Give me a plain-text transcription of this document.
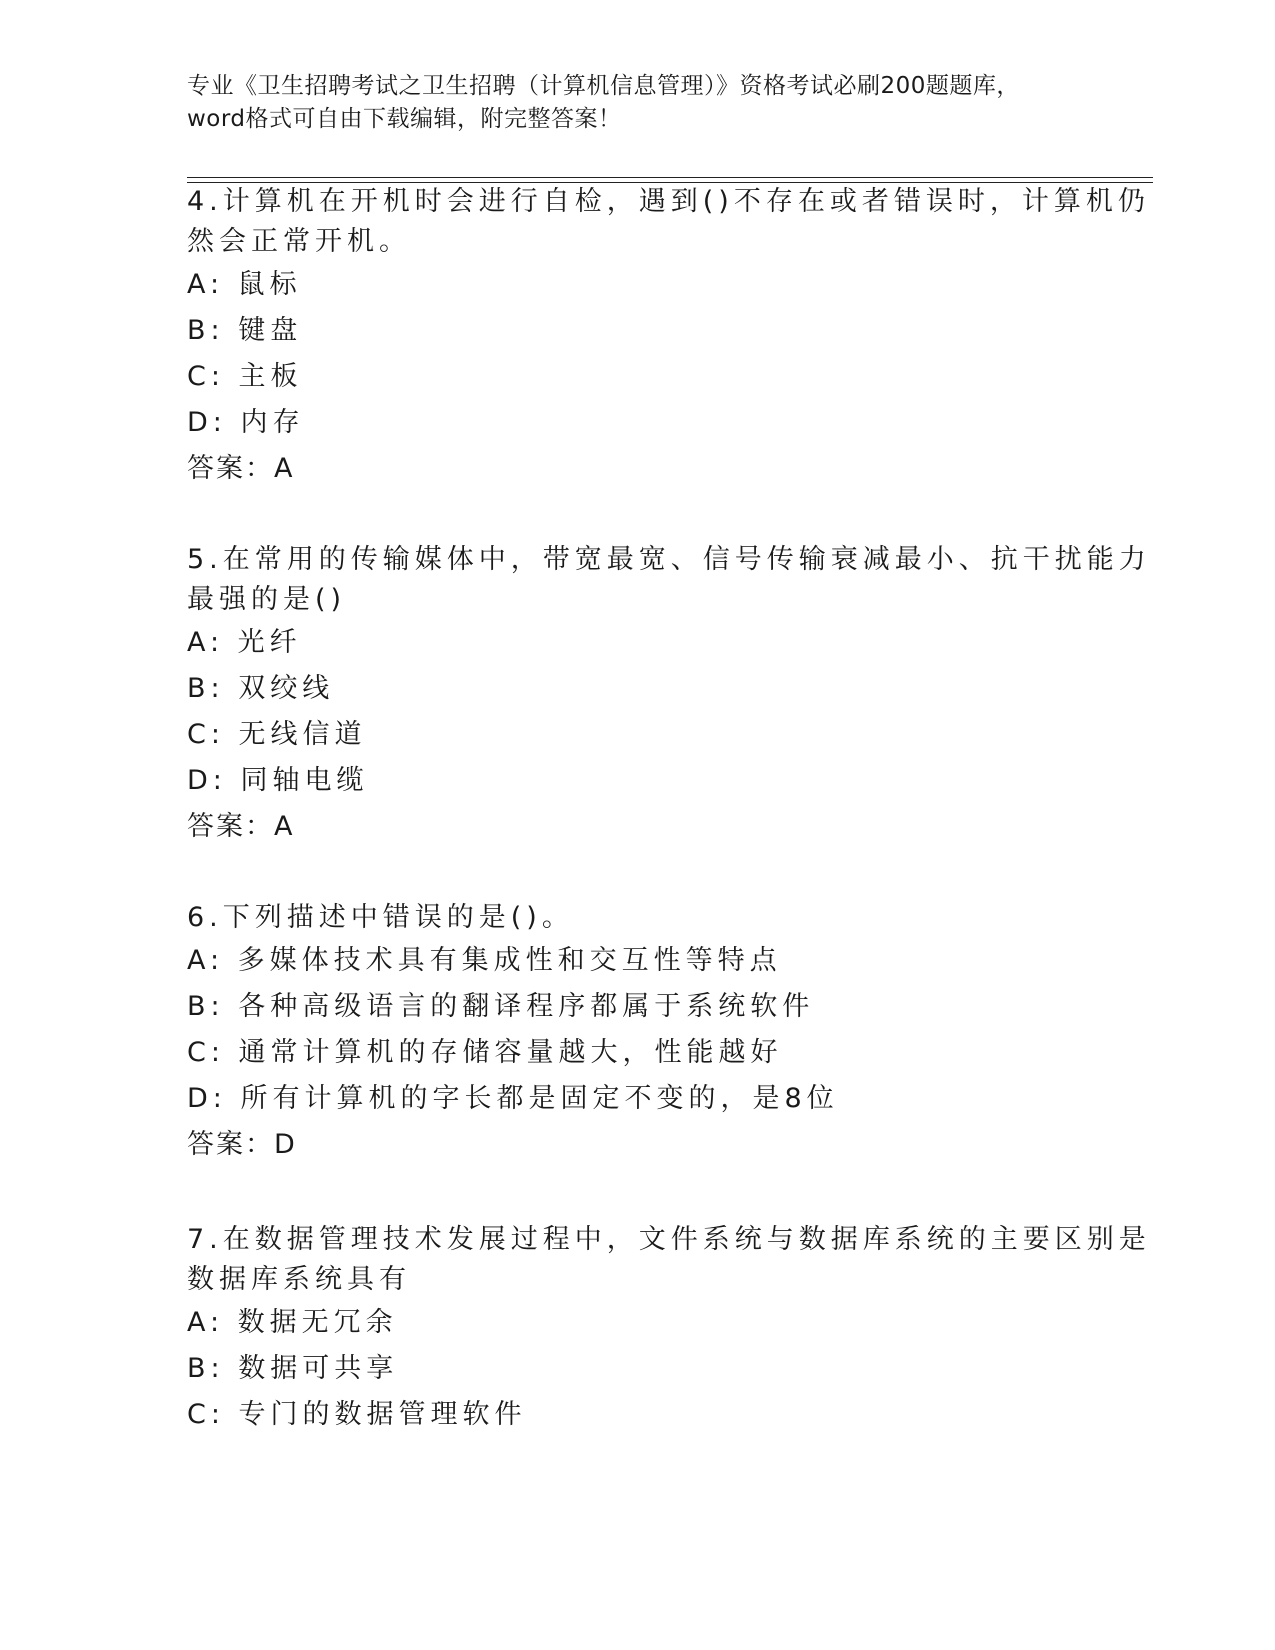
专业《卫生招聘考试之卫生招聘（计算机信息管理）》资格考试必刷200题题库，
word格式可自由下载编辑，附完整答案！
4.计算机在开机时会进行自检，遇到()不存在或者错误时，计算机仍
然会正常开机。
A: 鼠标
B: 键盘
C: 主板
D: 内存
答案：A
5.在常用的传输媒体中，带宽最宽、信号传输衰减最小、抗干扰能力
最强的是()
A: 光纤
B: 双绞线
C: 无线信道
D: 同轴电缆
答案：A
6.下列描述中错误的是()。
A: 多媒体技术具有集成性和交互性等特点
B: 各种高级语言的翻译程序都属于系统软件
C: 通常计算机的存储容量越大，性能越好
D: 所有计算机的字长都是固定不变的，是8位
答案：D
7.在数据管理技术发展过程中，文件系统与数据库系统的主要区别是
数据库系统具有
A: 数据无冗余
B: 数据可共享
C: 专门的数据管理软件
